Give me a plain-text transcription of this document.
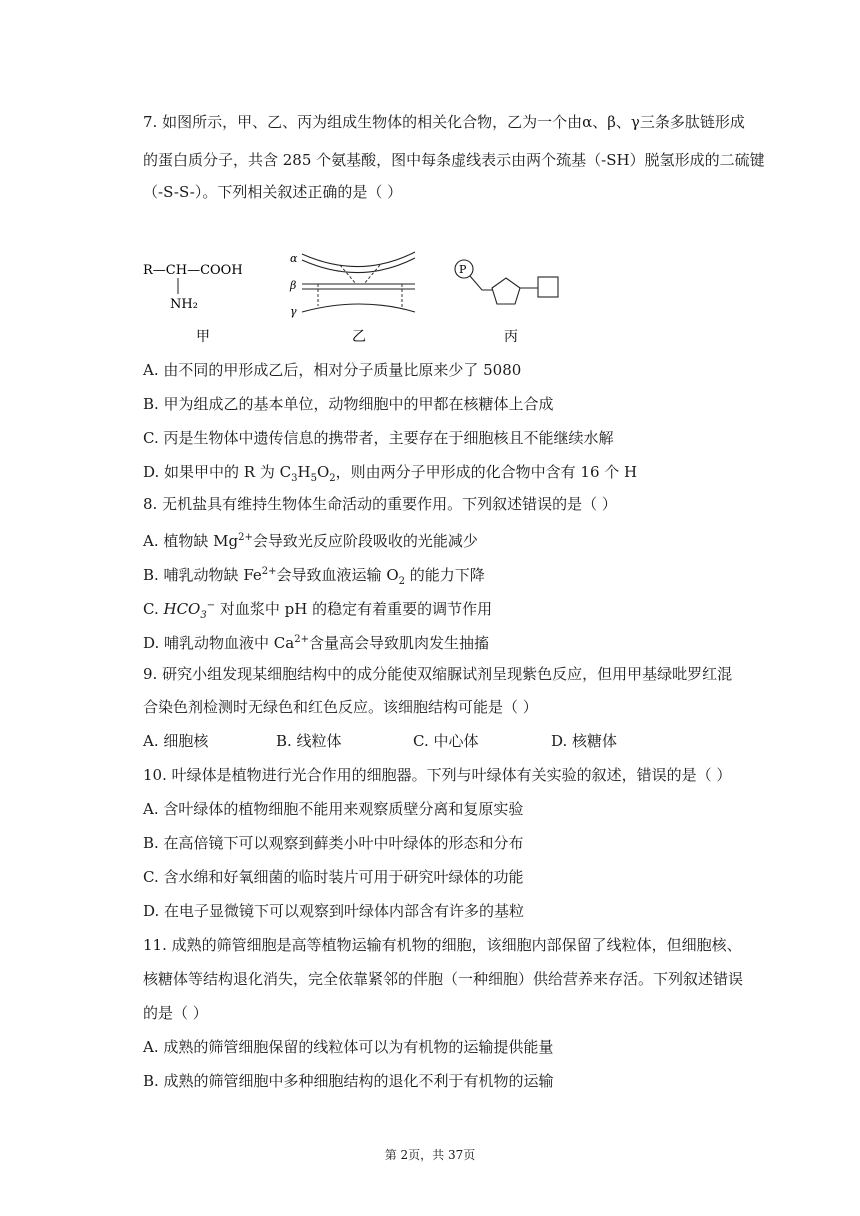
7. 如图所示，甲、乙、丙为组成生物体的相关化合物，乙为一个由α、β、γ三条多肽链形成
的蛋白质分子，共含 285 个氨基酸，图中每条虚线表示由两个巯基（-SH）脱氢形成的二硫键
（-S-S-）。下列相关叙述正确的是（ ）
R—CH—COOH
NH₂
甲
α
β
γ
乙
P
丙
A. 由不同的甲形成乙后，相对分子质量比原来少了 5080
B. 甲为组成乙的基本单位，动物细胞中的甲都在核糖体上合成
C. 丙是生物体中遗传信息的携带者，主要存在于细胞核且不能继续水解
D. 如果甲中的 R 为 $C_3H_5O_2$，则由两分子甲形成的化合物中含有 16 个 H
8. 无机盐具有维持生物体生命活动的重要作用。下列叙述错误的是（ ）
A. 植物缺 $Mg^{2+}$会导致光反应阶段吸收的光能减少
B. 哺乳动物缺 $Fe^{2+}$会导致血液运输 $O_2$ 的能力下降
C. $HCO_3^-$ 对血浆中 pH 的稳定有着重要的调节作用
D. 哺乳动物血液中 $Ca^{2+}$含量高会导致肌肉发生抽搐
9. 研究小组发现某细胞结构中的成分能使双缩脲试剂呈现紫色反应，但用甲基绿吡罗红混
合染色剂检测时无绿色和红色反应。该细胞结构可能是（ ）
A. 细胞核	B. 线粒体	C. 中心体	D. 核糖体
10. 叶绿体是植物进行光合作用的细胞器。下列与叶绿体有关实验的叙述，错误的是（ ）
A. 含叶绿体的植物细胞不能用来观察质壁分离和复原实验
B. 在高倍镜下可以观察到藓类小叶中叶绿体的形态和分布
C. 含水绵和好氧细菌的临时装片可用于研究叶绿体的功能
D. 在电子显微镜下可以观察到叶绿体内部含有许多的基粒
11. 成熟的筛管细胞是高等植物运输有机物的细胞，该细胞内部保留了线粒体，但细胞核、
核糖体等结构退化消失，完全依靠紧邻的伴胞（一种细胞）供给营养来存活。下列叙述错误
的是（ ）
A. 成熟的筛管细胞保留的线粒体可以为有机物的运输提供能量
B. 成熟的筛管细胞中多种细胞结构的退化不利于有机物的运输
第 2页，共 37页
